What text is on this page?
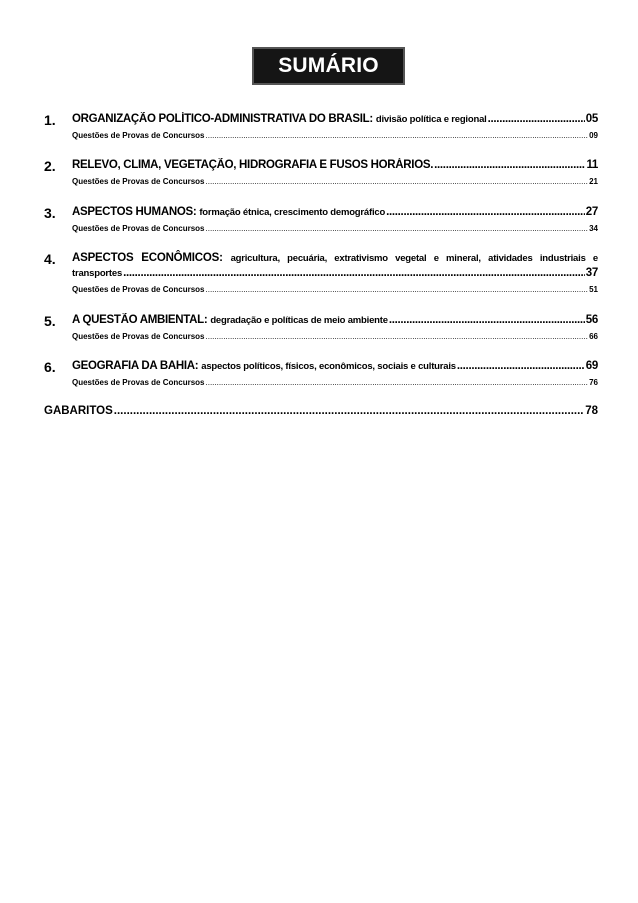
SUMÁRIO
1. ORGANIZAÇÃO POLÍTICO-ADMINISTRATIVA DO BRASIL:
divisão política e regional .....	05
Questões de Provas de Concursos .....	09
2. RELEVO, CLIMA, VEGETAÇÃO, HIDROGRAFIA E FUSOS HORÁRIOS. .....	11
Questões de Provas de Concursos .....	21
3. ASPECTOS HUMANOS:
formação étnica, crescimento demográfico .....	27
Questões de Provas de Concursos .....	34
4. ASPECTOS ECONÔMICOS: agricultura, pecuária, extrativismo vegetal e mineral, atividades industriais e
transportes .....	37
Questões de Provas de Concursos .....	51
5. A QUESTÃO AMBIENTAL:
degradação e políticas de meio ambiente .....	56
Questões de Provas de Concursos .....	66
6. GEOGRAFIA DA BAHIA:
aspectos políticos, físicos, econômicos, sociais e culturais .....	69
Questões de Provas de Concursos .....	76
GABARITOS .....	78
